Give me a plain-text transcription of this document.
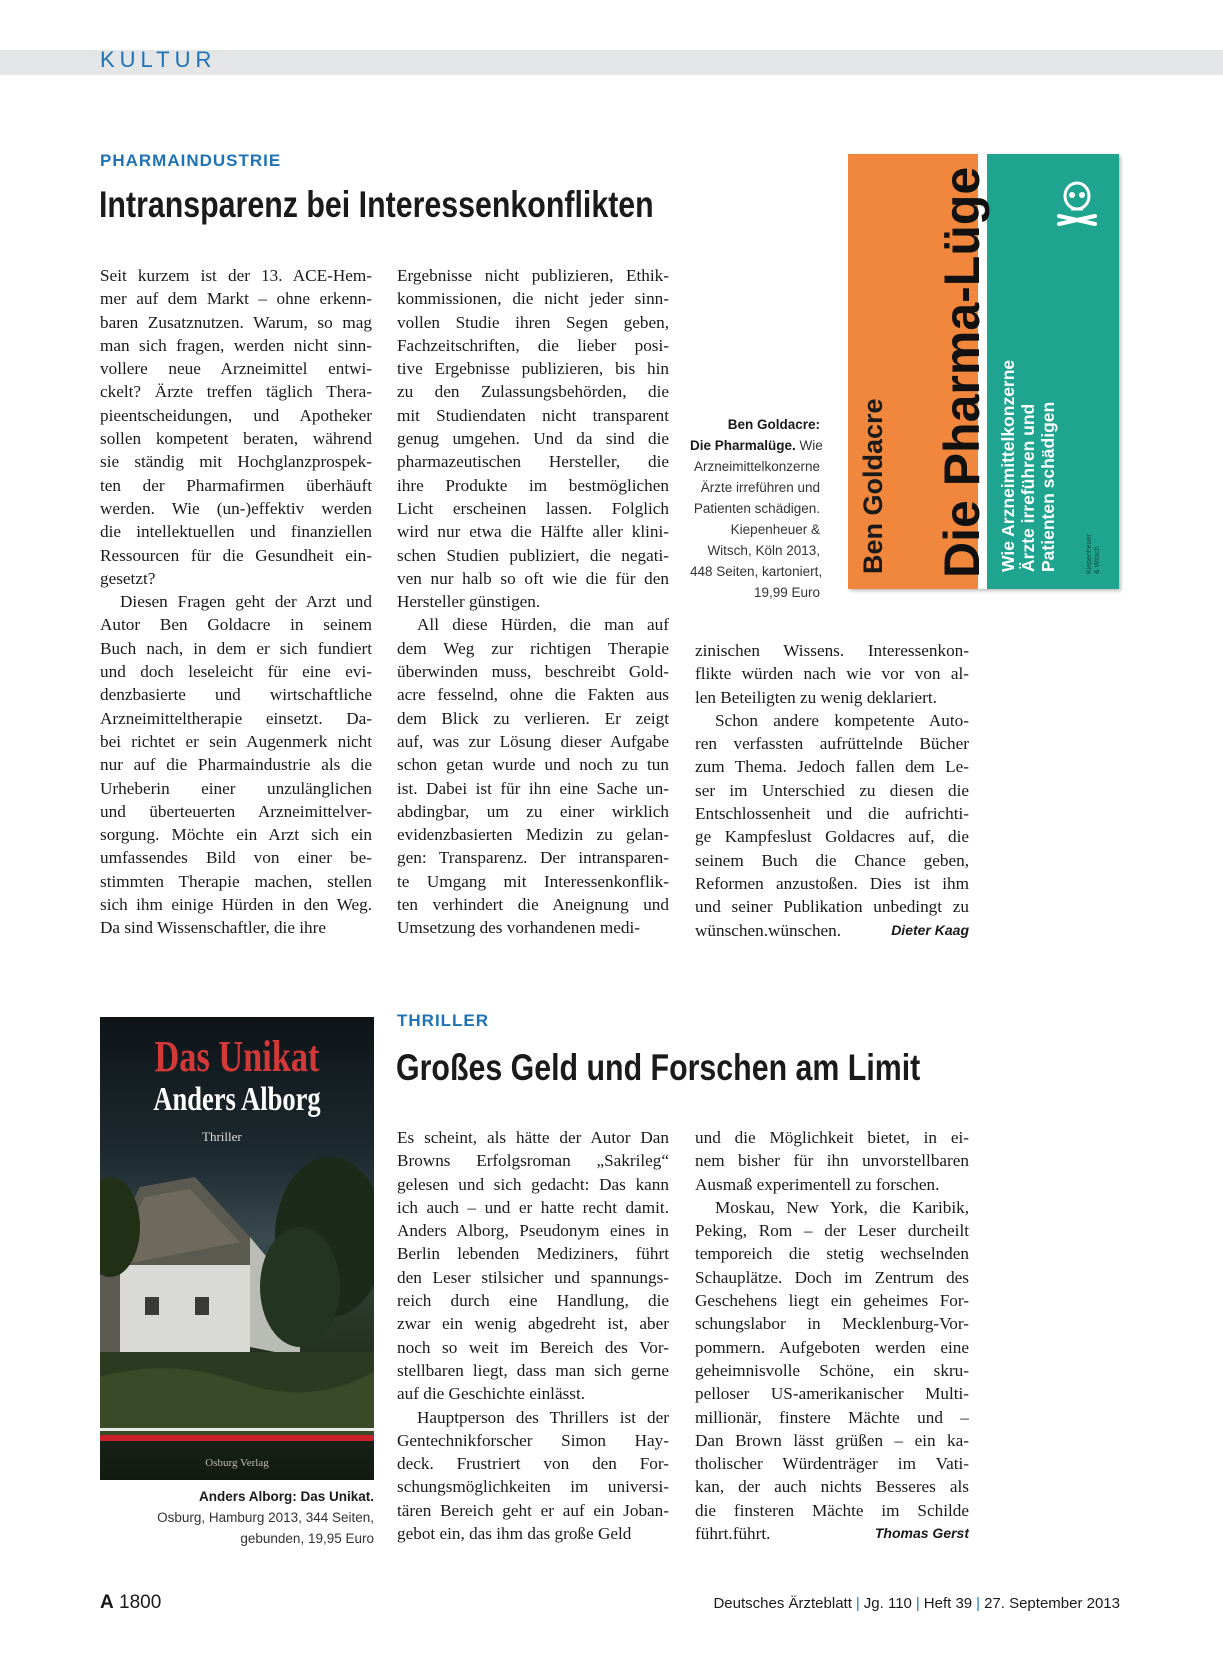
KULTUR
PHARMAINDUSTRIE
Intransparenz bei Interessenkonflikten
Seit kurzem ist der 13. ACE-Hem-
mer auf dem Markt – ohne erkenn-
baren Zusatznutzen. Warum, so mag
man sich fragen, werden nicht sinn-
vollere neue Arzneimittel entwi-
ckelt? Ärzte treffen täglich Thera-
pieentscheidungen, und Apotheker
sollen kompetent beraten, während
sie ständig mit Hochglanzprospek-
ten der Pharmafirmen überhäuft
werden. Wie (un-)effektiv werden
die intellektuellen und finanziellen
Ressourcen für die Gesundheit ein-
gesetzt?
Diesen Fragen geht der Arzt und
Autor Ben Goldacre in seinem
Buch nach, in dem er sich fundiert
und doch leseleicht für eine evi-
denzbasierte und wirtschaftliche
Arzneimitteltherapie einsetzt. Da-
bei richtet er sein Augenmerk nicht
nur auf die Pharmaindustrie als die
Urheberin einer unzulänglichen
und überteuerten Arzneimittelver-
sorgung. Möchte ein Arzt sich ein
umfassendes Bild von einer be-
stimmten Therapie machen, stellen
sich ihm einige Hürden in den Weg.
Da sind Wissenschaftler, die ihre
Ergebnisse nicht publizieren, Ethik-
kommissionen, die nicht jeder sinn-
vollen Studie ihren Segen geben,
Fachzeitschriften, die lieber posi-
tive Ergebnisse publizieren, bis hin
zu den Zulassungsbehörden, die
mit Studiendaten nicht transparent
genug umgehen. Und da sind die
pharmazeutischen Hersteller, die
ihre Produkte im bestmöglichen
Licht erscheinen lassen. Folglich
wird nur etwa die Hälfte aller klini-
schen Studien publiziert, die negati-
ven nur halb so oft wie die für den
Hersteller günstigen.
All diese Hürden, die man auf
dem Weg zur richtigen Therapie
überwinden muss, beschreibt Gold-
acre fesselnd, ohne die Fakten aus
dem Blick zu verlieren. Er zeigt
auf, was zur Lösung dieser Aufgabe
schon getan wurde und noch zu tun
ist. Dabei ist für ihn eine Sache un-
abdingbar, um zu einer wirklich
evidenzbasierten Medizin zu gelan-
gen: Transparenz. Der intransparen-
te Umgang mit Interessenkonflik-
ten verhindert die Aneignung und
Umsetzung des vorhandenen medi-
zinischen Wissens. Interessenkon-
flikte würden nach wie vor von al-
len Beteiligten zu wenig deklariert.
Schon andere kompetente Auto-
ren verfassten aufrüttelnde Bücher
zum Thema. Jedoch fallen dem Le-
ser im Unterschied zu diesen die
Entschlossenheit und die aufrichti-
ge Kampfeslust Goldacres auf, die
seinem Buch die Chance geben,
Reformen anzustoßen. Dies ist ihm
und seiner Publikation unbedingt zu
wünschen.wünschen.	Dieter Kaag
Ben Goldacre:
Die Pharmalüge. Wie
Arzneimittelkonzerne
Ärzte irreführen und
Patienten schädigen.
Kiepenheuer &
Witsch, Köln 2013,
448 Seiten, kartoniert,
19,99 Euro
Ben Goldacre Die Pharma-Lüge Wie Arzneimittelkonzerne Ärzte irreführen und Patienten schädigen	Kiepenheuer & Witsch
Das Unikat
Anders Alborg
Thriller
Osburg Verlag
Anders Alborg: Das Unikat.
Osburg, Hamburg 2013, 344 Seiten,
gebunden, 19,95 Euro
THRILLER
Großes Geld und Forschen am Limit
Es scheint, als hätte der Autor Dan
Browns Erfolgsroman „Sakrileg“
gelesen und sich gedacht: Das kann
ich auch – und er hatte recht damit.
Anders Alborg, Pseudonym eines in
Berlin lebenden Mediziners, führt
den Leser stilsicher und spannungs-
reich durch eine Handlung, die
zwar ein wenig abgedreht ist, aber
noch so weit im Bereich des Vor-
stellbaren liegt, dass man sich gerne
auf die Geschichte einlässt.
Hauptperson des Thrillers ist der
Gentechnikforscher Simon Hay-
deck. Frustriert von den For-
schungsmöglichkeiten im universi-
tären Bereich geht er auf ein Joban-
gebot ein, das ihm das große Geld
und die Möglichkeit bietet, in ei-
nem bisher für ihn unvorstellbaren
Ausmaß experimentell zu forschen.
Moskau, New York, die Karibik,
Peking, Rom – der Leser durcheilt
temporeich die stetig wechselnden
Schauplätze. Doch im Zentrum des
Geschehens liegt ein geheimes For-
schungslabor in Mecklenburg-Vor-
pommern. Aufgeboten werden eine
geheimnisvolle Schöne, ein skru-
pelloser US-amerikanischer Multi-
millionär, finstere Mächte und –
Dan Brown lässt grüßen – ein ka-
tholischer Würdenträger im Vati-
kan, der auch nichts Besseres als
die finsteren Mächte im Schilde
führt.führt.	Thomas Gerst
A 1800	Deutsches Ärzteblatt | Jg. 110 | Heft 39 | 27. September 2013
